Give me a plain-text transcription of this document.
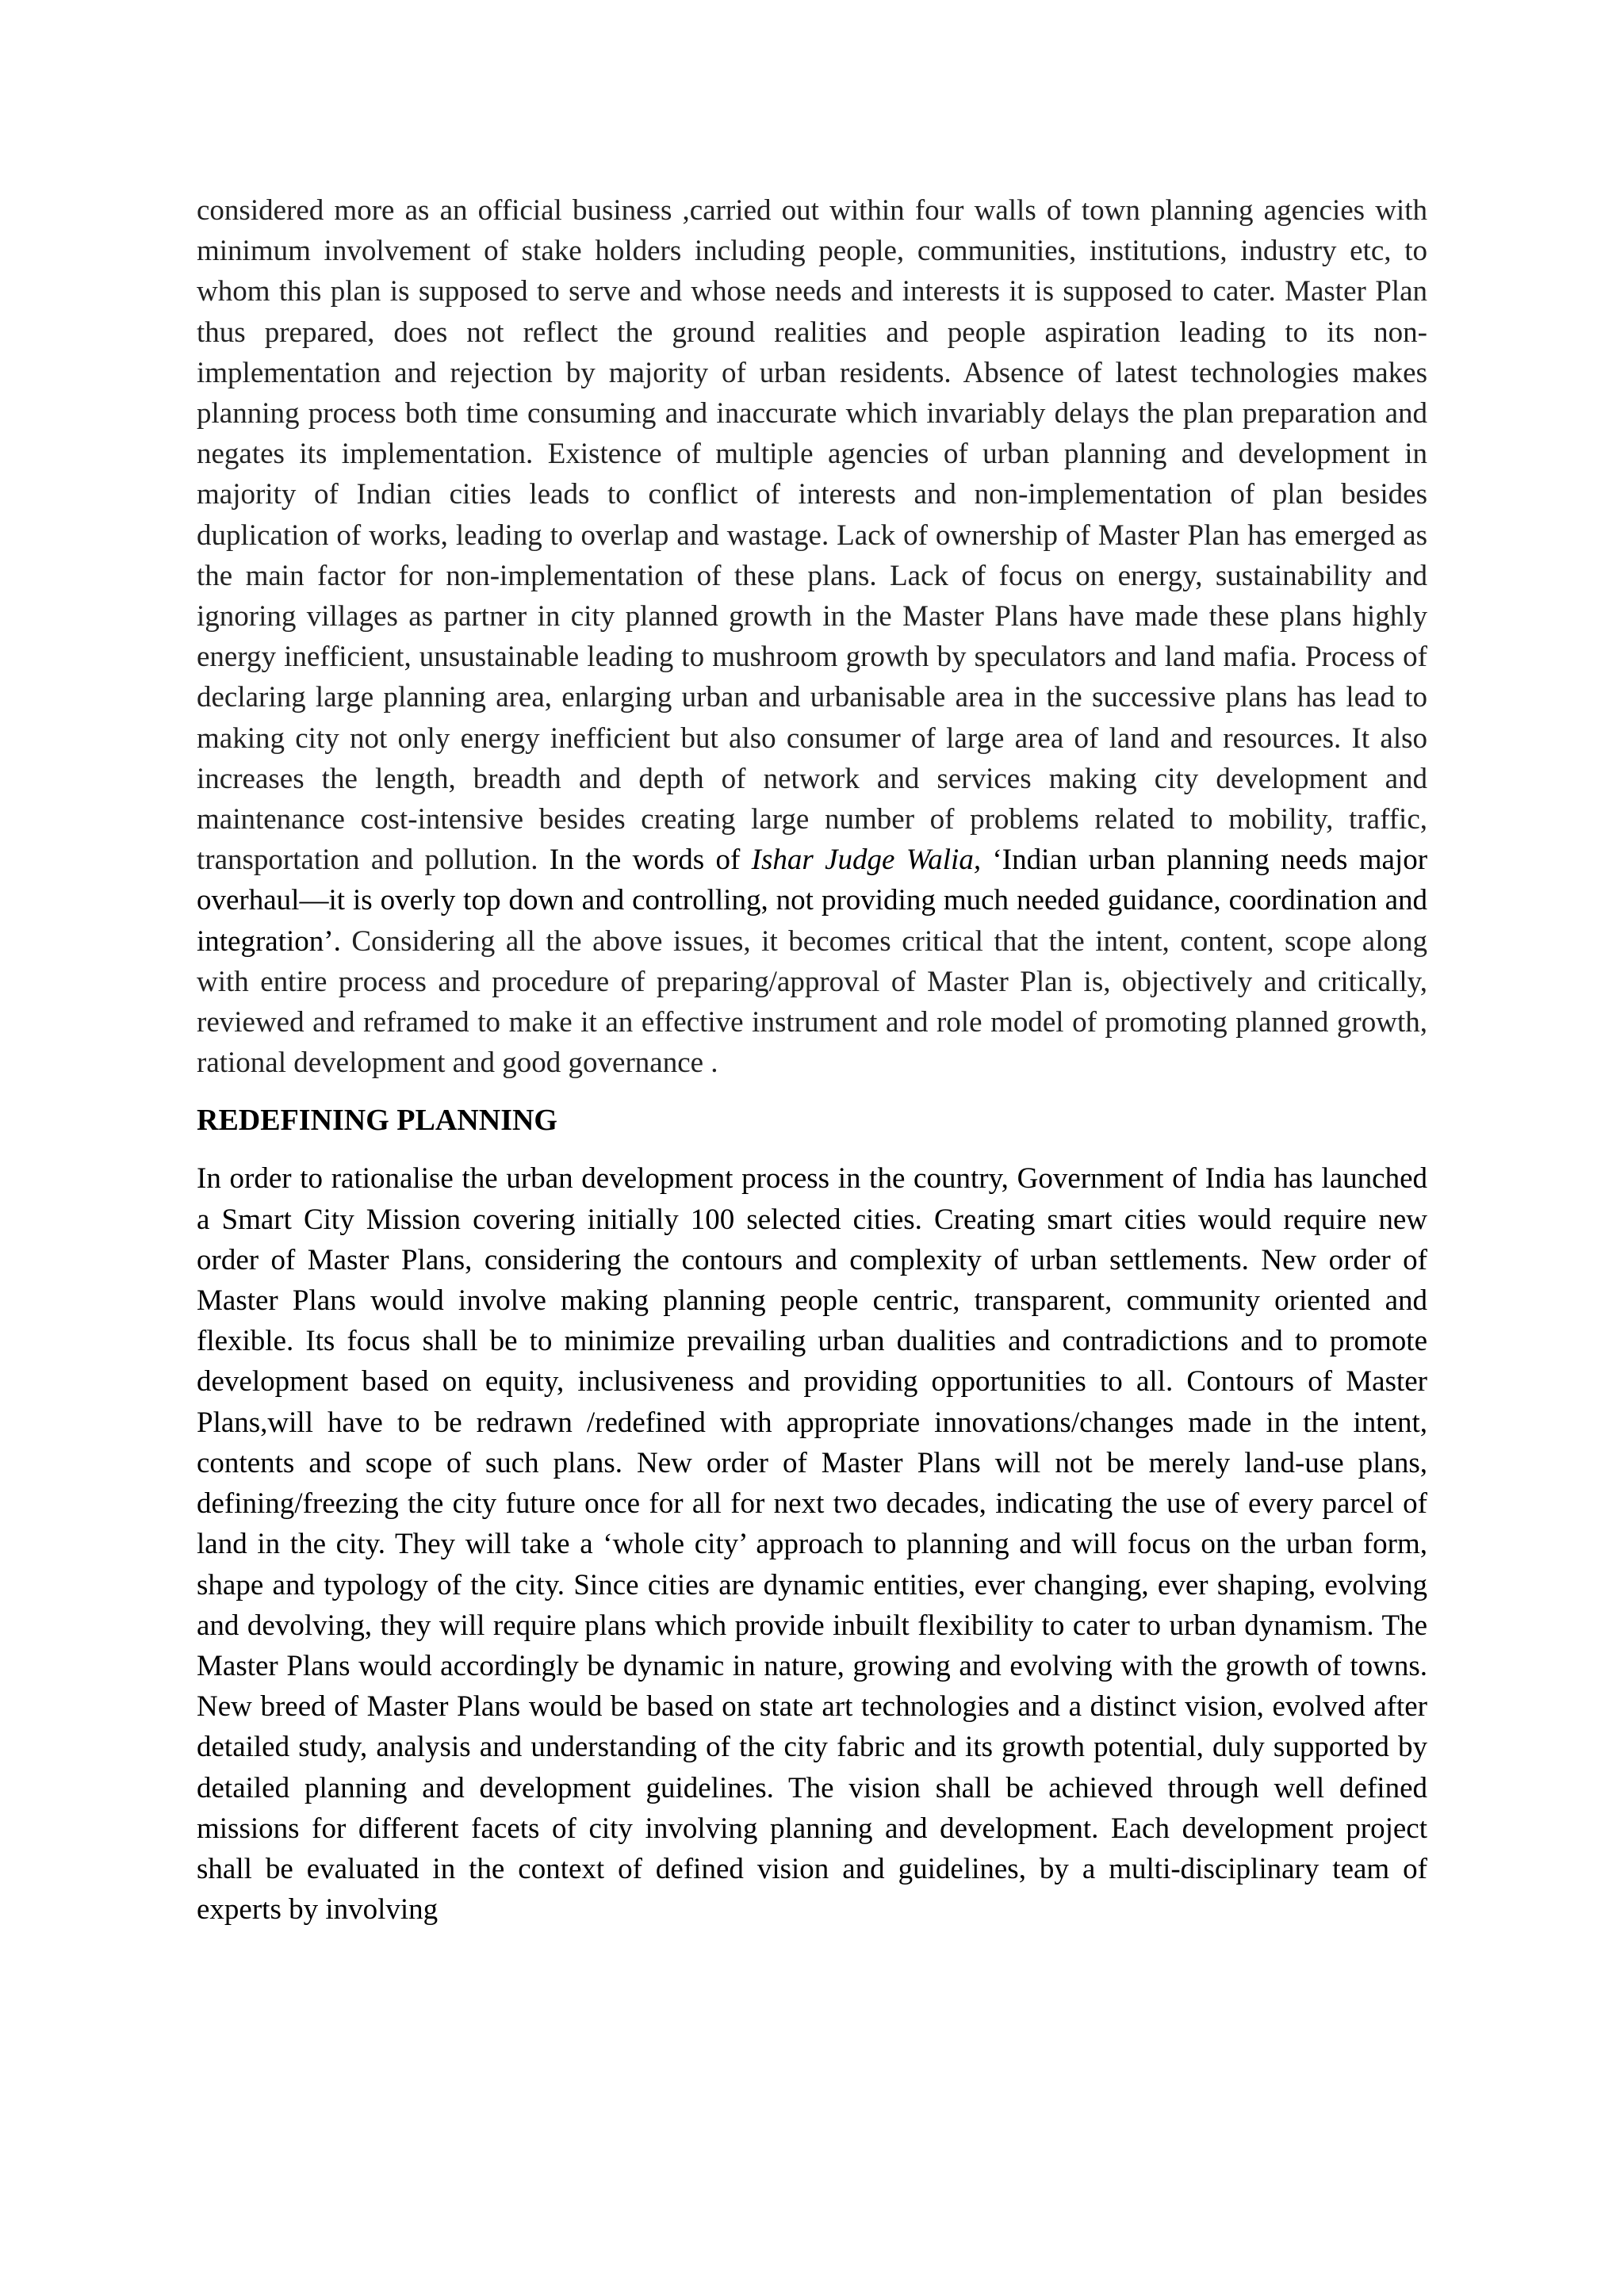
considered more as an official business ,carried out within four walls of town planning agencies with minimum involvement of stake holders including people, communities, institutions, industry etc, to whom this plan is supposed to serve and whose needs and interests it is supposed to cater. Master Plan thus prepared, does not reflect the ground realities and people aspiration leading to its non- implementation and rejection by majority of urban residents. Absence of latest technologies makes planning process both time consuming and inaccurate which invariably delays the plan preparation and negates its implementation. Existence of multiple agencies of urban planning and development in majority of Indian cities leads to conflict of interests and non-implementation of plan besides duplication of works, leading to overlap and wastage. Lack of ownership of Master Plan has emerged as the main factor for non-implementation of these plans. Lack of focus on energy, sustainability and ignoring villages as partner in city planned growth in the Master Plans have made these plans highly energy inefficient, unsustainable leading to mushroom growth by speculators and land mafia. Process of declaring large planning area, enlarging urban and urbanisable area in the successive plans has lead to making city not only energy inefficient but also consumer of large area of land and resources. It also increases the length, breadth and depth of network and services making city development and maintenance cost-intensive besides creating large number of problems related to mobility, traffic, transportation and pollution. In the words of Ishar Judge Walia, ‘Indian urban planning needs major overhaul—it is overly top down and controlling, not providing much needed guidance, coordination and integration’. Considering all the above issues, it becomes critical that the intent, content, scope along with entire process and procedure of preparing/approval of Master Plan is, objectively and critically, reviewed and reframed to make it an effective instrument and role model of promoting planned growth, rational development and good governance .

REDEFINING PLANNING

In order to rationalise the urban development process in the country, Government of India has launched a Smart City Mission covering initially 100 selected cities. Creating smart cities would require new order of Master Plans, considering the contours and complexity of urban settlements. New order of Master Plans would involve making planning people centric, transparent, community oriented and flexible. Its focus shall be to minimize prevailing urban dualities and contradictions and to promote development based on equity, inclusiveness and providing opportunities to all. Contours of Master Plans,will have to be redrawn /redefined with appropriate innovations/changes made in the intent, contents and scope of such plans. New order of Master Plans will not be merely land-use plans, defining/freezing the city future once for all for next two decades, indicating the use of every parcel of land in the city. They will take a ‘whole city’ approach to planning and will focus on the urban form, shape and typology of the city. Since cities are dynamic entities, ever changing, ever shaping, evolving and devolving, they will require plans which provide inbuilt flexibility to cater to urban dynamism. The Master Plans would accordingly be dynamic in nature, growing and evolving with the growth of towns. New breed of Master Plans would be based on state art technologies and a distinct vision, evolved after detailed study, analysis and understanding of the city fabric and its growth potential, duly supported by detailed planning and development guidelines. The vision shall be achieved through well defined missions for different facets of city involving planning and development. Each development project shall be evaluated in the context of defined vision and guidelines, by a multi-disciplinary team of experts by involving
